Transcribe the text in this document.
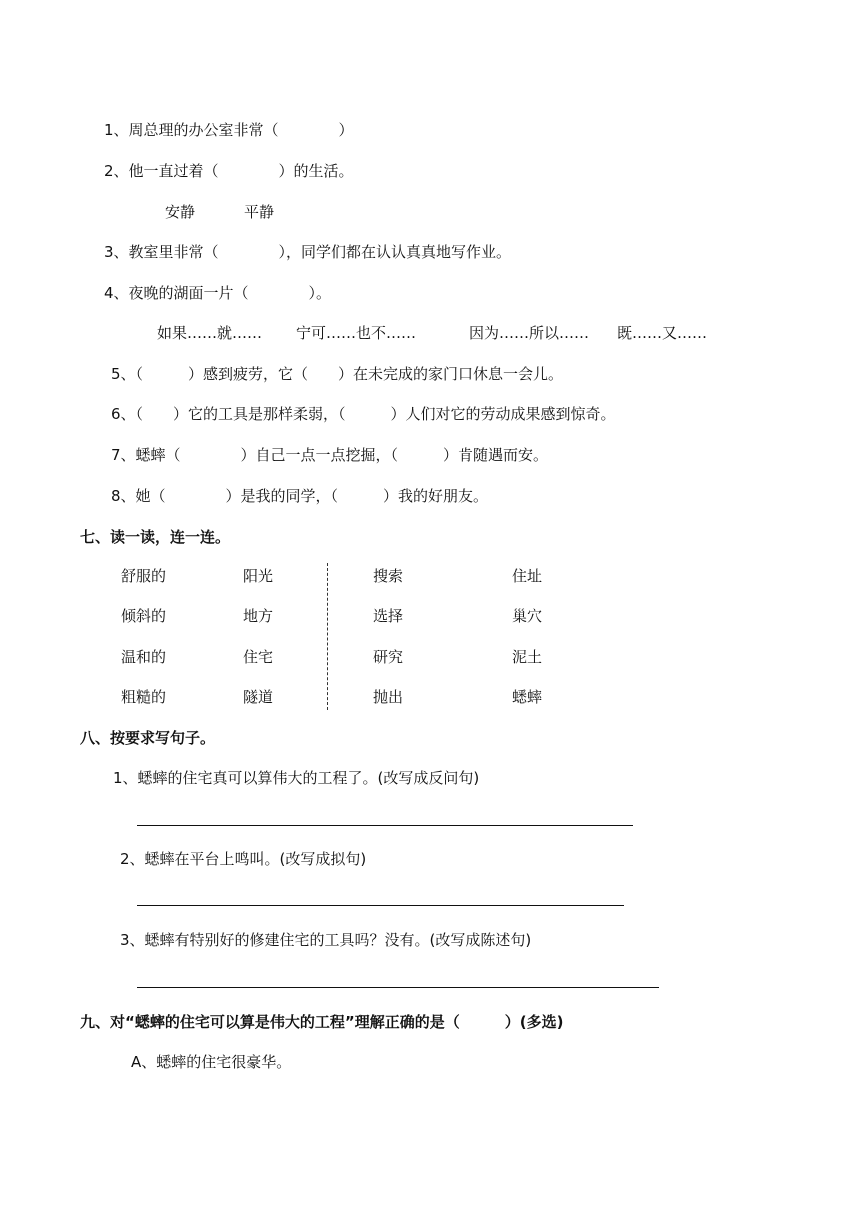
1、周总理的办公室非常（　　　　）
2、他一直过着（　　　　）的生活。
安静	平静
3、教室里非常（　　　　），同学们都在认认真真地写作业。
4、夜晚的湖面一片（　　　　）。
如果……就…… 宁可……也不……	因为……所以…… 既……又……
5、（　　　）感到疲劳，它（　　）在未完成的家门口休息一会儿。
6、（　　）它的工具是那样柔弱，（　　　）人们对它的劳动成果感到惊奇。
7、蟋蟀（　　　　）自己一点一点挖掘，（　　　）肯随遇而安。
8、她（　　　　）是我的同学，（　　　）我的好朋友。
七、读一读，连一连。
舒服的
倾斜的
温和的
粗糙的
阳光
地方
住宅
隧道
搜索
选择
研究
抛出
住址
巢穴
泥土
蟋蟀
八、按要求写句子。
1、蟋蟀的住宅真可以算伟大的工程了。(改写成反问句)
2、蟋蟀在平台上鸣叫。(改写成拟句)
3、蟋蟀有特别好的修建住宅的工具吗？没有。(改写成陈述句)
九、对“蟋蟀的住宅可以算是伟大的工程”理解正确的是（　　　）(多选)
A、蟋蟀的住宅很豪华。
